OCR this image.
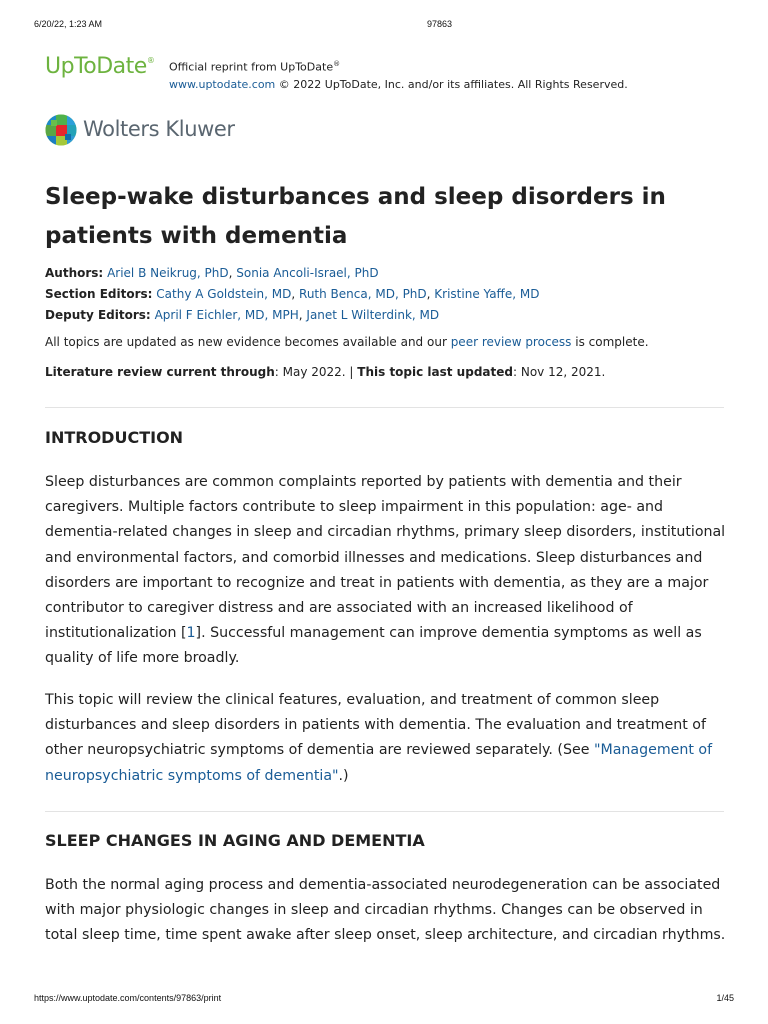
6/20/22, 1:23 AM	97863
UpToDate®
Official reprint from UpToDate®
www.uptodate.com © 2022 UpToDate, Inc. and/or its affiliates. All Rights Reserved.
Wolters Kluwer
Sleep-wake disturbances and sleep disorders in patients with dementia
Authors: Ariel B Neikrug, PhD, Sonia Ancoli-Israel, PhD
Section Editors: Cathy A Goldstein, MD, Ruth Benca, MD, PhD, Kristine Yaffe, MD
Deputy Editors: April F Eichler, MD, MPH, Janet L Wilterdink, MD
All topics are updated as new evidence becomes available and our peer review process is complete.
Literature review current through: May 2022. | This topic last updated: Nov 12, 2021.
INTRODUCTION

Sleep disturbances are common complaints reported by patients with dementia and their caregivers. Multiple factors contribute to sleep impairment in this population: age- and dementia-related changes in sleep and circadian rhythms, primary sleep disorders, institutional and environmental factors, and comorbid illnesses and medications. Sleep disturbances and disorders are important to recognize and treat in patients with dementia, as they are a major contributor to caregiver distress and are associated with an increased likelihood of institutionalization [1]. Successful management can improve dementia symptoms as well as quality of life more broadly.

This topic will review the clinical features, evaluation, and treatment of common sleep disturbances and sleep disorders in patients with dementia. The evaluation and treatment of other neuropsychiatric symptoms of dementia are reviewed separately. (See "Management of neuropsychiatric symptoms of dementia".)

SLEEP CHANGES IN AGING AND DEMENTIA

Both the normal aging process and dementia-associated neurodegeneration can be associated with major physiologic changes in sleep and circadian rhythms. Changes can be observed in total sleep time, time spent awake after sleep onset, sleep architecture, and circadian rhythms.

https://www.uptodate.com/contents/97863/print	1/45
